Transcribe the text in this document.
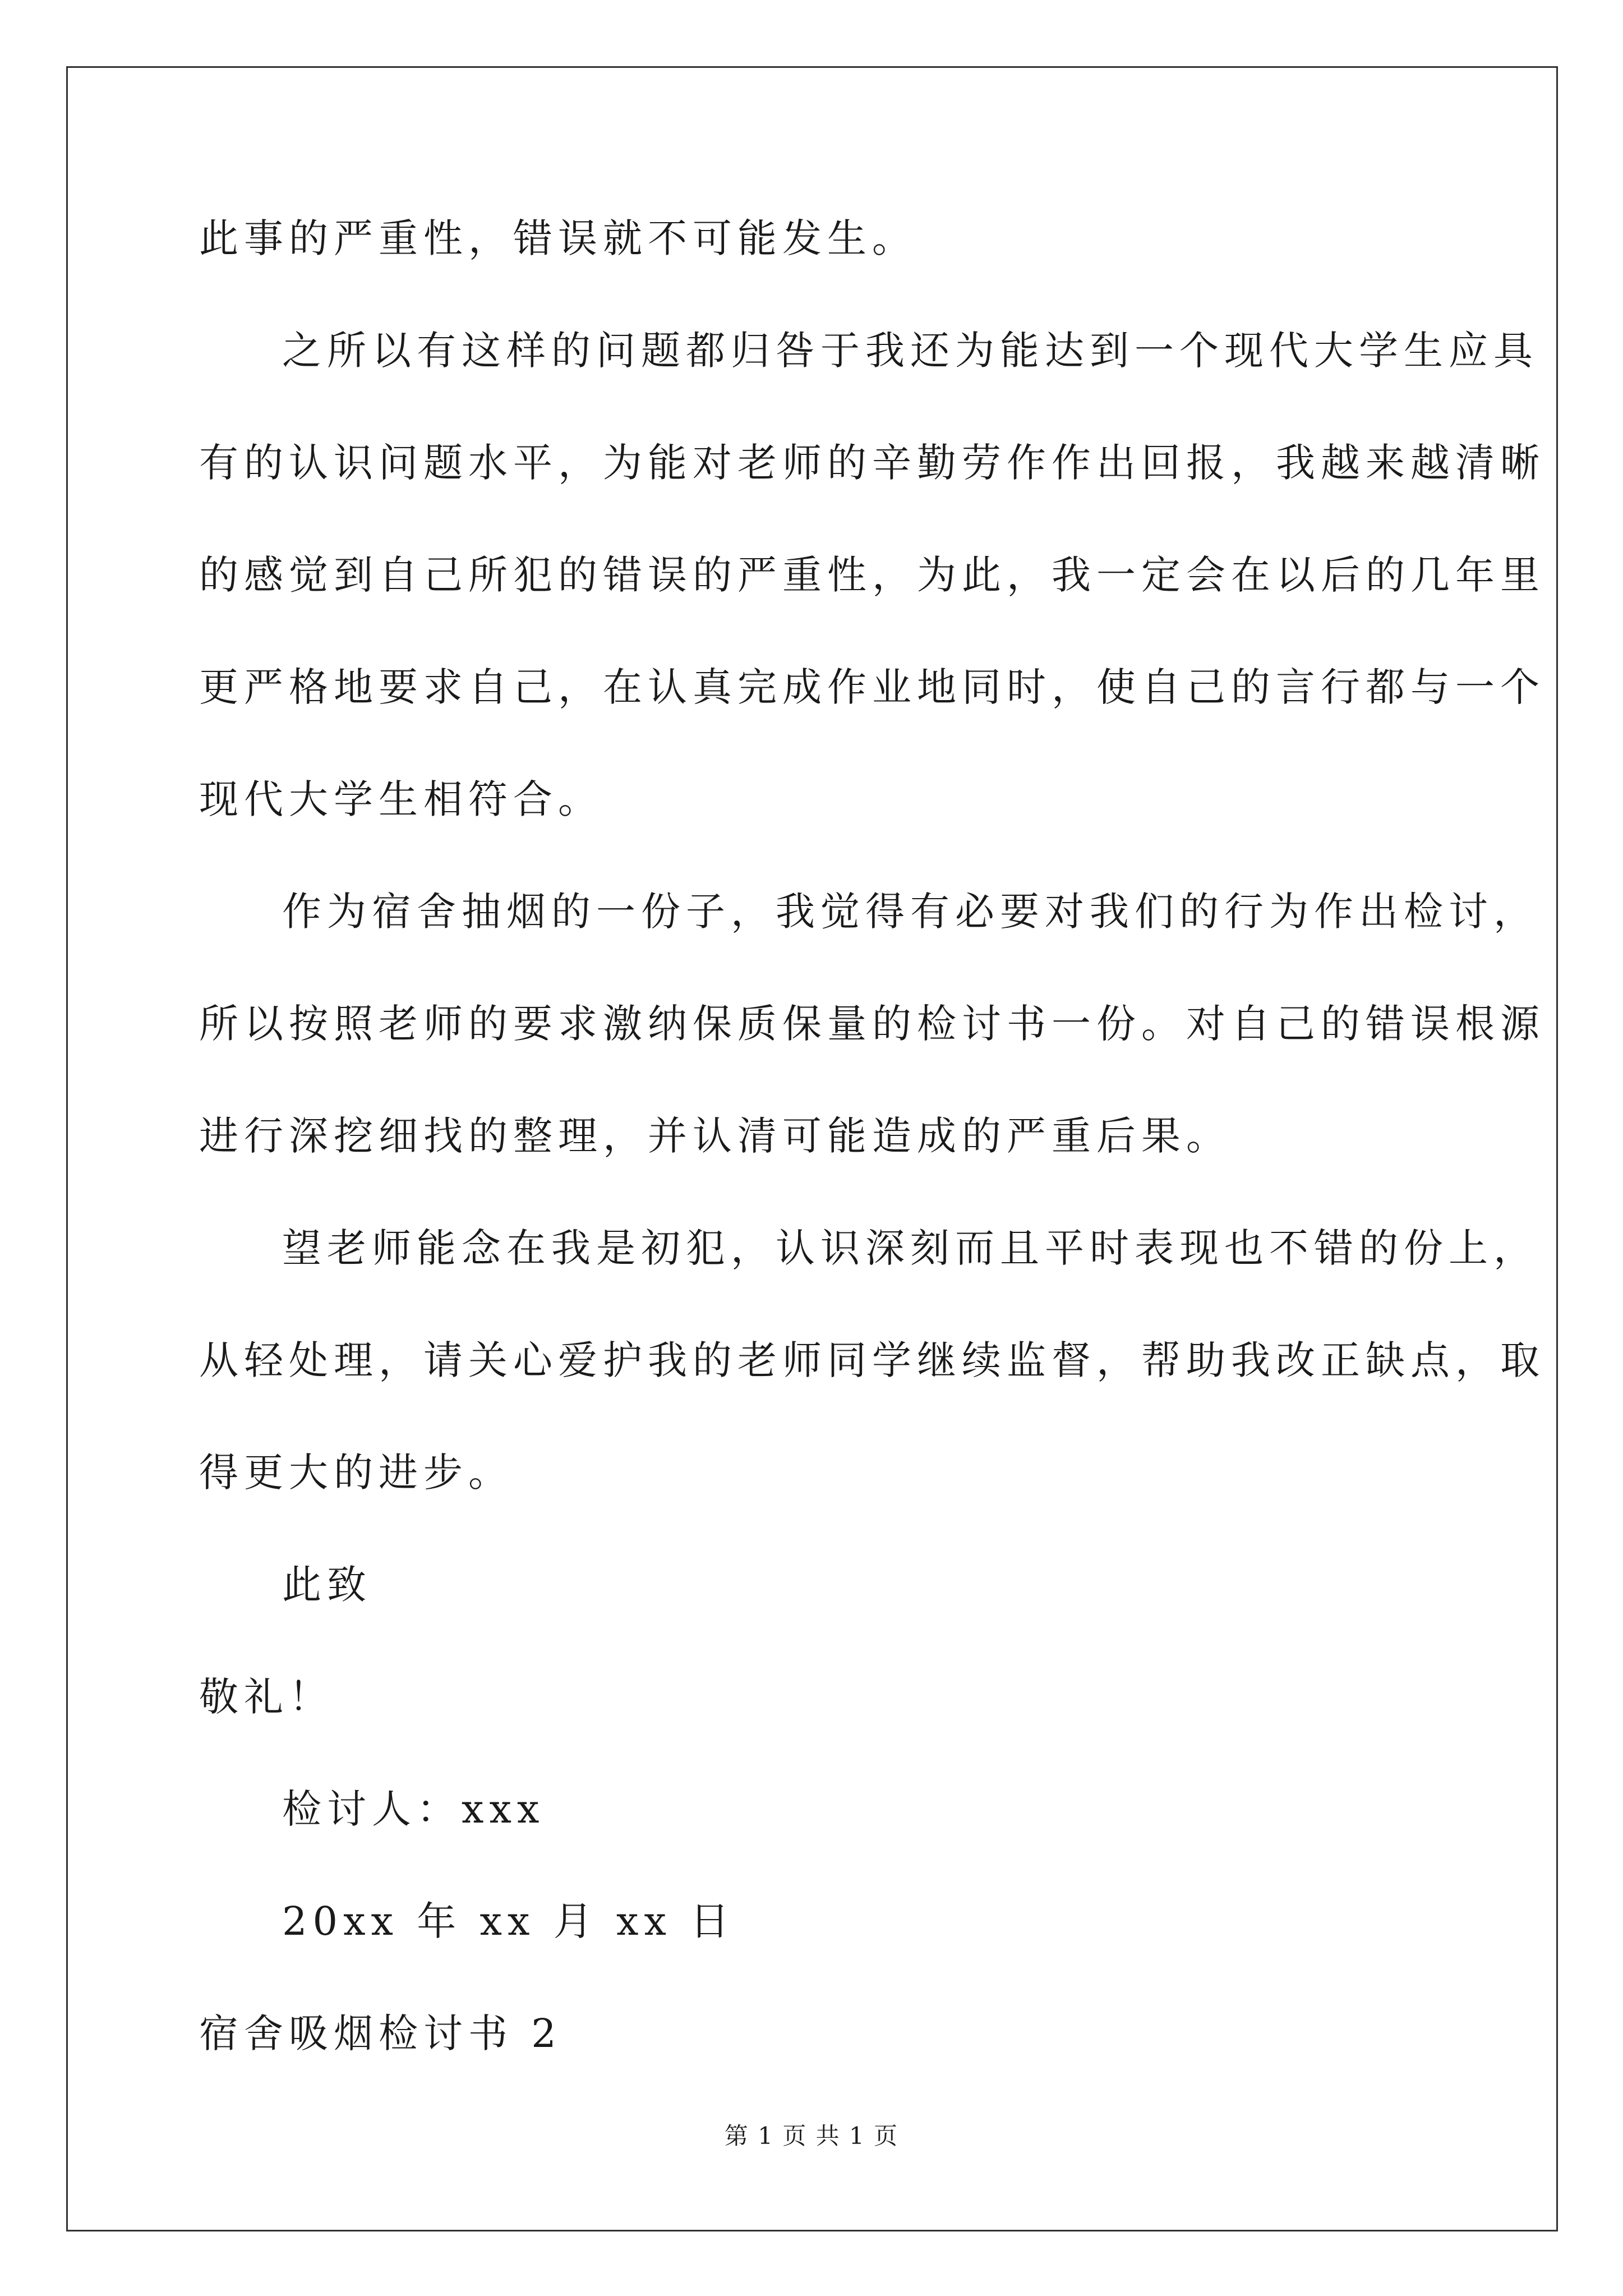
此事的严重性，错误就不可能发生。
之所以有这样的问题都归咎于我还为能达到一个现代大学生应具
有的认识问题水平，为能对老师的辛勤劳作作出回报，我越来越清晰
的感觉到自己所犯的错误的严重性，为此，我一定会在以后的几年里
更严格地要求自己，在认真完成作业地同时，使自己的言行都与一个
现代大学生相符合。
作为宿舍抽烟的一份子，我觉得有必要对我们的行为作出检讨，
所以按照老师的要求激纳保质保量的检讨书一份。对自己的错误根源
进行深挖细找的整理，并认清可能造成的严重后果。
望老师能念在我是初犯，认识深刻而且平时表现也不错的份上，
从轻处理，请关心爱护我的老师同学继续监督，帮助我改正缺点，取
得更大的进步。
此致
敬礼！
检讨人：xxx
20xx 年 xx 月 xx 日
宿舍吸烟检讨书 2
第 1 页 共 1 页
